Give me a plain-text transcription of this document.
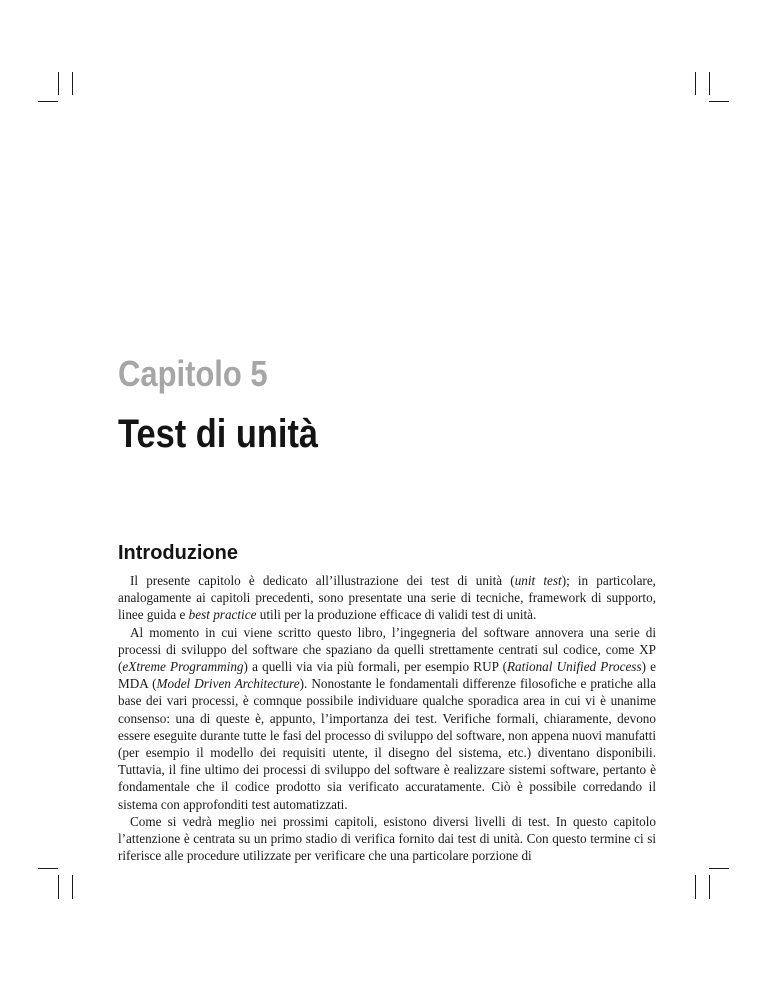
Capitolo 5
Test di unità
Introduzione

Il presente capitolo è dedicato all’illustrazione dei test di unità (unit test); in particolare, analogamente ai capitoli precedenti, sono presentate una serie di tecniche, framework di supporto, linee guida e best practice utili per la produzione efficace di validi test di unità.

Al momento in cui viene scritto questo libro, l’ingegneria del software annovera una serie di processi di sviluppo del software che spaziano da quelli strettamente centrati sul codice, come XP (eXtreme Programming) a quelli via via più formali, per esempio RUP (Rational Unified Process) e MDA (Model Driven Architecture). Nonostante le fondamentali differenze filosofiche e pratiche alla base dei vari processi, è comnque possibile individuare qualche sporadica area in cui vi è unanime consenso: una di queste è, appunto, l’importanza dei test. Verifiche formali, chiaramente, devono essere eseguite durante tutte le fasi del processo di sviluppo del software, non appena nuovi manufatti (per esempio il modello dei requisiti utente, il disegno del sistema, etc.) diventano disponibili. Tuttavia, il fine ultimo dei processi di sviluppo del software è realizzare sistemi software, pertanto è fondamentale che il codice prodotto sia verificato accuratamente. Ciò è possibile corredando il sistema con approfonditi test automatizzati.

Come si vedrà meglio nei prossimi capitoli, esistono diversi livelli di test. In questo capitolo l’attenzione è centrata su un primo stadio di verifica fornito dai test di unità. Con questo termine ci si riferisce alle procedure utilizzate per verificare che una particolare porzione di
